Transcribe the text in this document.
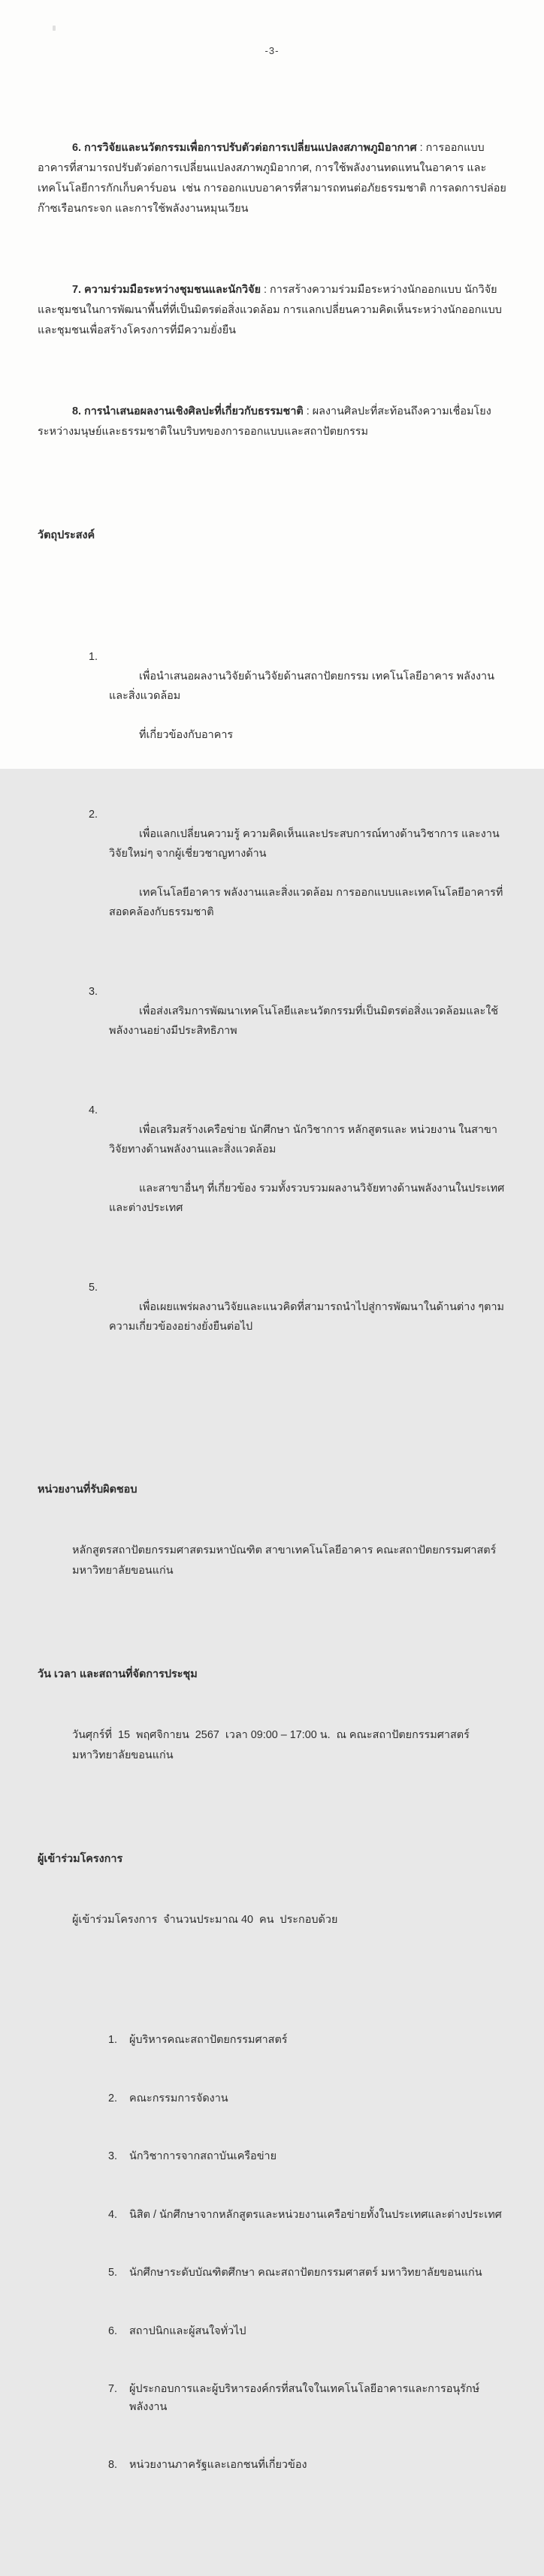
-3-

6. การวิจัยและนวัตกรรมเพื่อการปรับตัวต่อการเปลี่ยนแปลงสภาพภูมิอากาศ : การออกแบบอาคารที่สามารถปรับตัวต่อการเปลี่ยนแปลงสภาพภูมิอากาศ, การใช้พลังงานทดแทนในอาคาร และเทคโนโลยีการกักเก็บคาร์บอน  เช่น การออกแบบอาคารที่สามารถทนต่อภัยธรรมชาติ การลดการปล่อยก๊าซเรือนกระจก และการใช้พลังงานหมุนเวียน

7. ความร่วมมือระหว่างชุมชนและนักวิจัย : การสร้างความร่วมมือระหว่างนักออกแบบ นักวิจัย และชุมชนในการพัฒนาพื้นที่ที่เป็นมิตรต่อสิ่งแวดล้อม การแลกเปลี่ยนความคิดเห็นระหว่างนักออกแบบและชุมชนเพื่อสร้างโครงการที่มีความยั่งยืน

8. การนำเสนอผลงานเชิงศิลปะที่เกี่ยวกับธรรมชาติ : ผลงานศิลปะที่สะท้อนถึงความเชื่อมโยงระหว่างมนุษย์และธรรมชาติในบริบทของการออกแบบและสถาปัตยกรรม

วัตถุประสงค์

1.

เพื่อนำเสนอผลงานวิจัยด้านวิจัยด้านสถาปัตยกรรม เทคโนโลยีอาคาร พลังงานและสิ่งแวดล้อม

ที่เกี่ยวข้องกับอาคาร

2.

เพื่อแลกเปลี่ยนความรู้ ความคิดเห็นและประสบการณ์ทางด้านวิชาการ และงานวิจัยใหม่ๆ จากผู้เชี่ยวชาญทางด้าน

เทคโนโลยีอาคาร พลังงานและสิ่งแวดล้อม การออกแบบและเทคโนโลยีอาคารที่สอดคล้องกับธรรมชาติ

3.

เพื่อส่งเสริมการพัฒนาเทคโนโลยีและนวัตกรรมที่เป็นมิตรต่อสิ่งแวดล้อมและใช้พลังงานอย่างมีประสิทธิภาพ

4.

เพื่อเสริมสร้างเครือข่าย นักศึกษา นักวิชาการ หลักสูตรและ หน่วยงาน ในสาขาวิจัยทางด้านพลังงานและสิ่งแวดล้อม

และสาขาอื่นๆ ที่เกี่ยวข้อง รวมทั้งรวบรวมผลงานวิจัยทางด้านพลังงานในประเทศและต่างประเทศ

5.

เพื่อเผยแพร่ผลงานวิจัยและแนวคิดที่สามารถนำไปสู่การพัฒนาในด้านต่าง ๆตามความเกี่ยวข้องอย่างยั่งยืนต่อไป

หน่วยงานที่รับผิดชอบ

หลักสูตรสถาปัตยกรรมศาสตรมหาบัณฑิต สาขาเทคโนโลยีอาคาร คณะสถาปัตยกรรมศาสตร์ มหาวิทยาลัยขอนแก่น

วัน เวลา และสถานที่จัดการประชุม

วันศุกร์ที่  15  พฤศจิกายน  2567  เวลา 09:00 – 17:00 น.  ณ คณะสถาปัตยกรรมศาสตร์ มหาวิทยาลัยขอนแก่น

ผู้เข้าร่วมโครงการ

ผู้เข้าร่วมโครงการ  จำนวนประมาณ 40  คน  ประกอบด้วย

1.	ผู้บริหารคณะสถาปัตยกรรมศาสตร์

2.	คณะกรรมการจัดงาน

3.	นักวิชาการจากสถาบันเครือข่าย

4.	นิสิต / นักศึกษาจากหลักสูตรและหน่วยงานเครือข่ายทั้งในประเทศและต่างประเทศ

5.	นักศึกษาระดับบัณฑิตศึกษา คณะสถาปัตยกรรมศาสตร์ มหาวิทยาลัยขอนแก่น

6.	สถาปนิกและผู้สนใจทั่วไป

7.	ผู้ประกอบการและผู้บริหารองค์กรที่สนใจในเทคโนโลยีอาคารและการอนุรักษ์พลังงาน

8.	หน่วยงานภาครัฐและเอกชนที่เกี่ยวข้อง
